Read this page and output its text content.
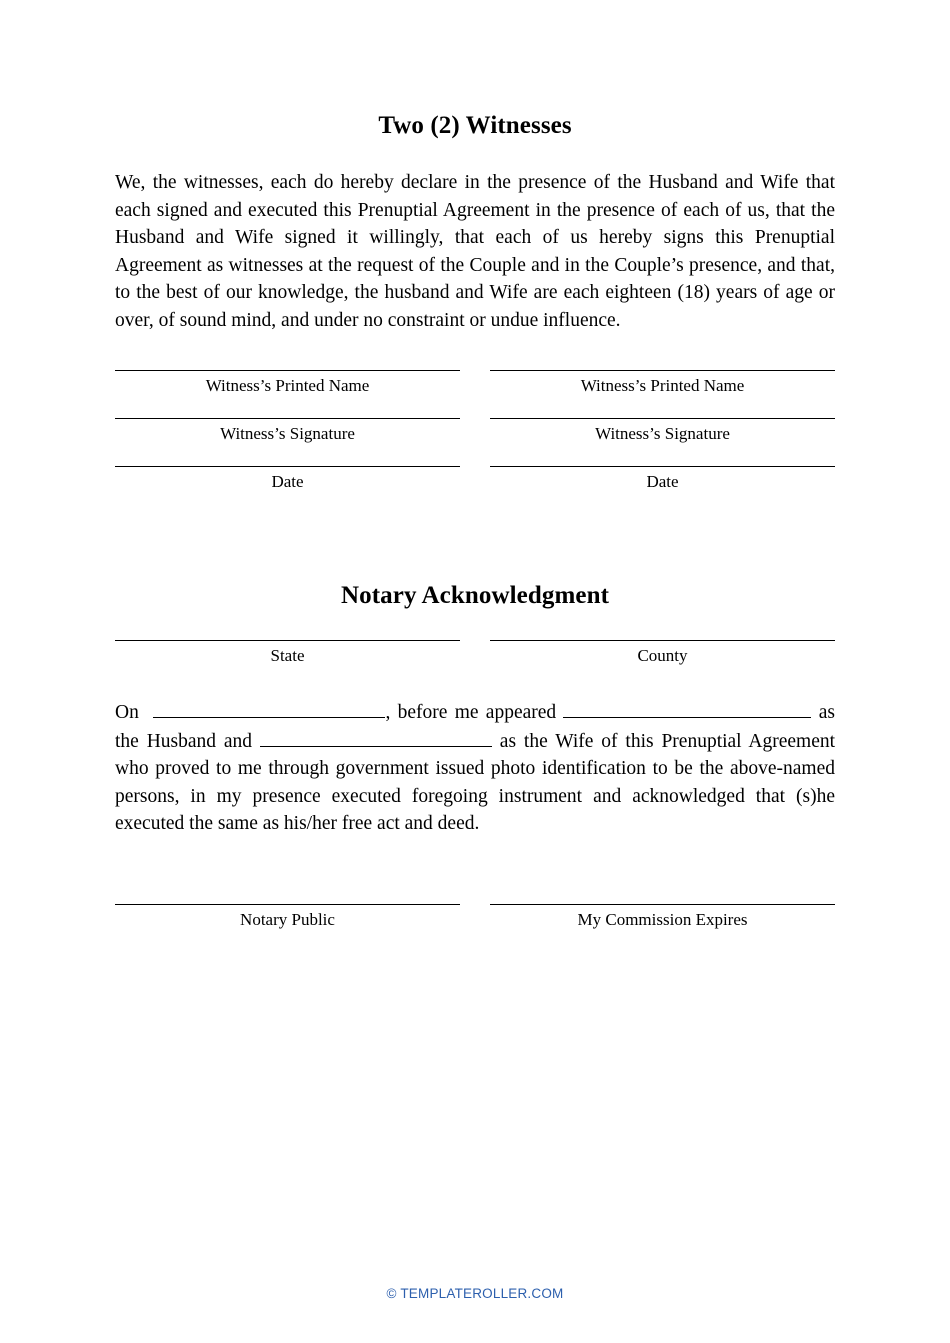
Two (2) Witnesses

We, the witnesses, each do hereby declare in the presence of the Husband and Wife that each signed and executed this Prenuptial Agreement in the presence of each of us, that the Husband and Wife signed it willingly, that each of us hereby signs this Prenuptial Agreement as witnesses at the request of the Couple and in the Couple’s presence, and that, to the best of our knowledge, the husband and Wife are each eighteen (18) years of age or over, of sound mind, and under no constraint or undue influence.

Witness’s Printed Name
Witness’s Signature
Date
Witness’s Printed Name
Witness’s Signature
Date
Notary Acknowledgment
State	County

On	, before me appeared	as the Husband and	as the Wife of this Prenuptial Agreement who proved to me through government issued photo identification to be the above-named persons, in my presence executed foregoing instrument and acknowledged that (s)he executed the same as his/her free act and deed.

Notary Public	My Commission Expires
© TEMPLATEROLLER.COM
